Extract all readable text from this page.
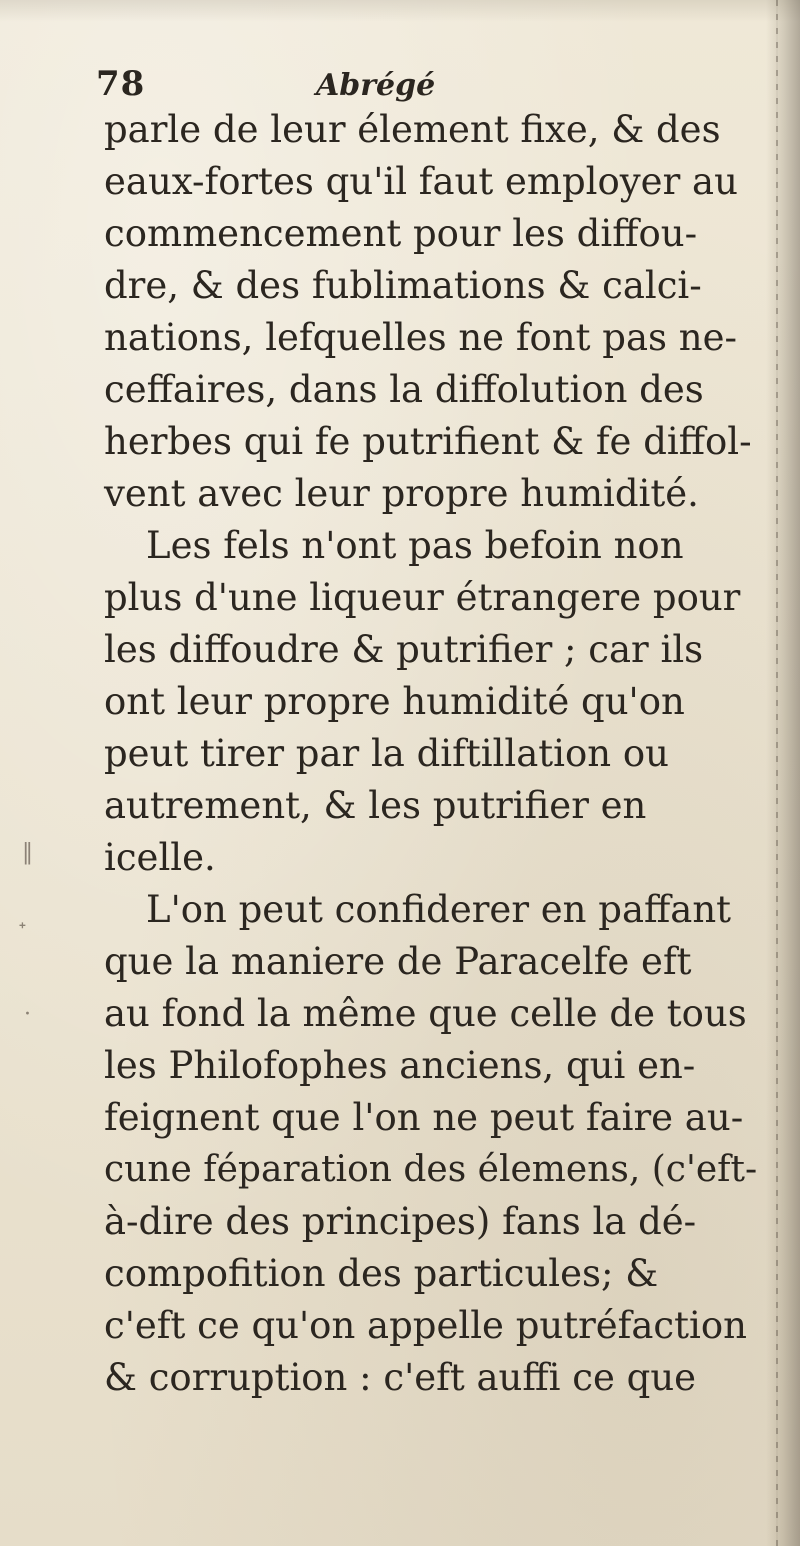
‖
ᐩ
·
78	Abrégé
parle de leur élement fixe, & des
eaux-fortes qu'il faut employer au
commencement pour les diffou-
dre, & des fublimations & calci-
nations, lefquelles ne font pas ne-
ceffaires, dans la diffolution des
herbes qui fe putrifient & fe diffol-
vent avec leur propre humidité.
Les fels n'ont pas befoin non
plus d'une liqueur étrangere pour
les diffoudre & putrifier ; car ils
ont leur propre humidité qu'on
peut tirer par la diftillation ou
autrement, & les putrifier en
icelle.
L'on peut confiderer en paffant
que la maniere de Paracelfe eft
au fond la même que celle de tous
les Philofophes anciens, qui en-
feignent que l'on ne peut faire au-
cune féparation des élemens, (c'eft-
à-dire des principes) fans la dé-
compofition des particules; &
c'eft ce qu'on appelle putréfaction
& corruption : c'eft auffi ce que
